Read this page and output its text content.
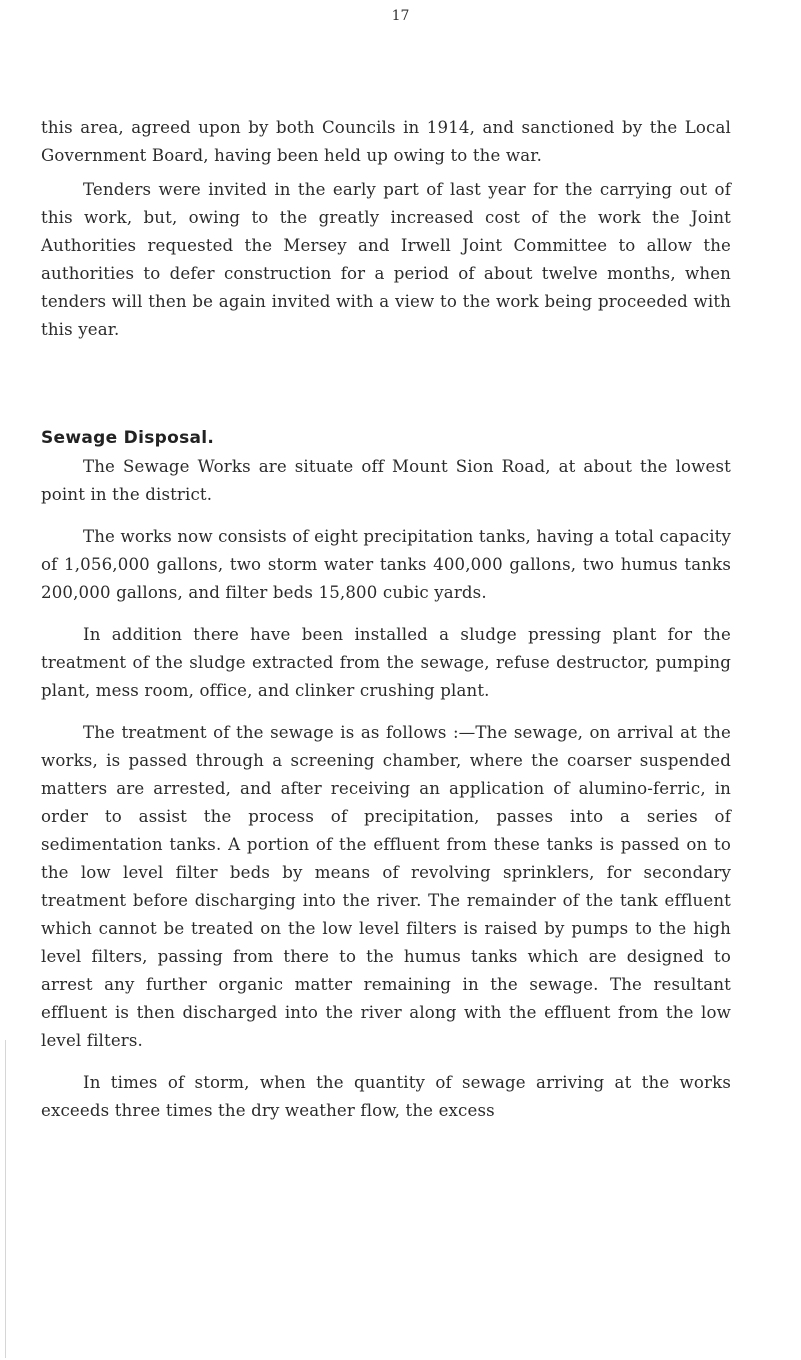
17

this area, agreed upon by both Councils in 1914, and sanctioned by the Local Government Board, having been held up owing to the war.

Tenders were invited in the early part of last year for the carrying out of this work, but, owing to the greatly increased cost of the work the Joint Authorities requested the Mersey and Irwell Joint Committee to allow the authorities to defer construction for a period of about twelve months, when tenders will then be again invited with a view to the work being proceeded with this year.

Sewage Disposal.

The Sewage Works are situate off Mount Sion Road, at about the lowest point in the district.

The works now consists of eight precipitation tanks, having a total capacity of 1,056,000 gallons, two storm water tanks 400,000 gallons, two humus tanks 200,000 gallons, and filter beds 15,800 cubic yards.

In addition there have been installed a sludge pressing plant for the treatment of the sludge extracted from the sewage, refuse destructor, pumping plant, mess room, office, and clinker crushing plant.

The treatment of the sewage is as follows :—The sewage, on arrival at the works, is passed through a screening chamber, where the coarser suspended matters are arrested, and after receiving an application of alumino-ferric, in order to assist the process of precipitation, passes into a series of sedimentation tanks. A portion of the effluent from these tanks is passed on to the low level filter beds by means of revolving sprinklers, for secondary treatment before discharging into the river. The remainder of the tank effluent which cannot be treated on the low level filters is raised by pumps to the high level filters, passing from there to the humus tanks which are designed to arrest any further organic matter remaining in the sewage. The resultant effluent is then discharged into the river along with the effluent from the low level filters.

In times of storm, when the quantity of sewage arriving at the works exceeds three times the dry weather flow, the excess
